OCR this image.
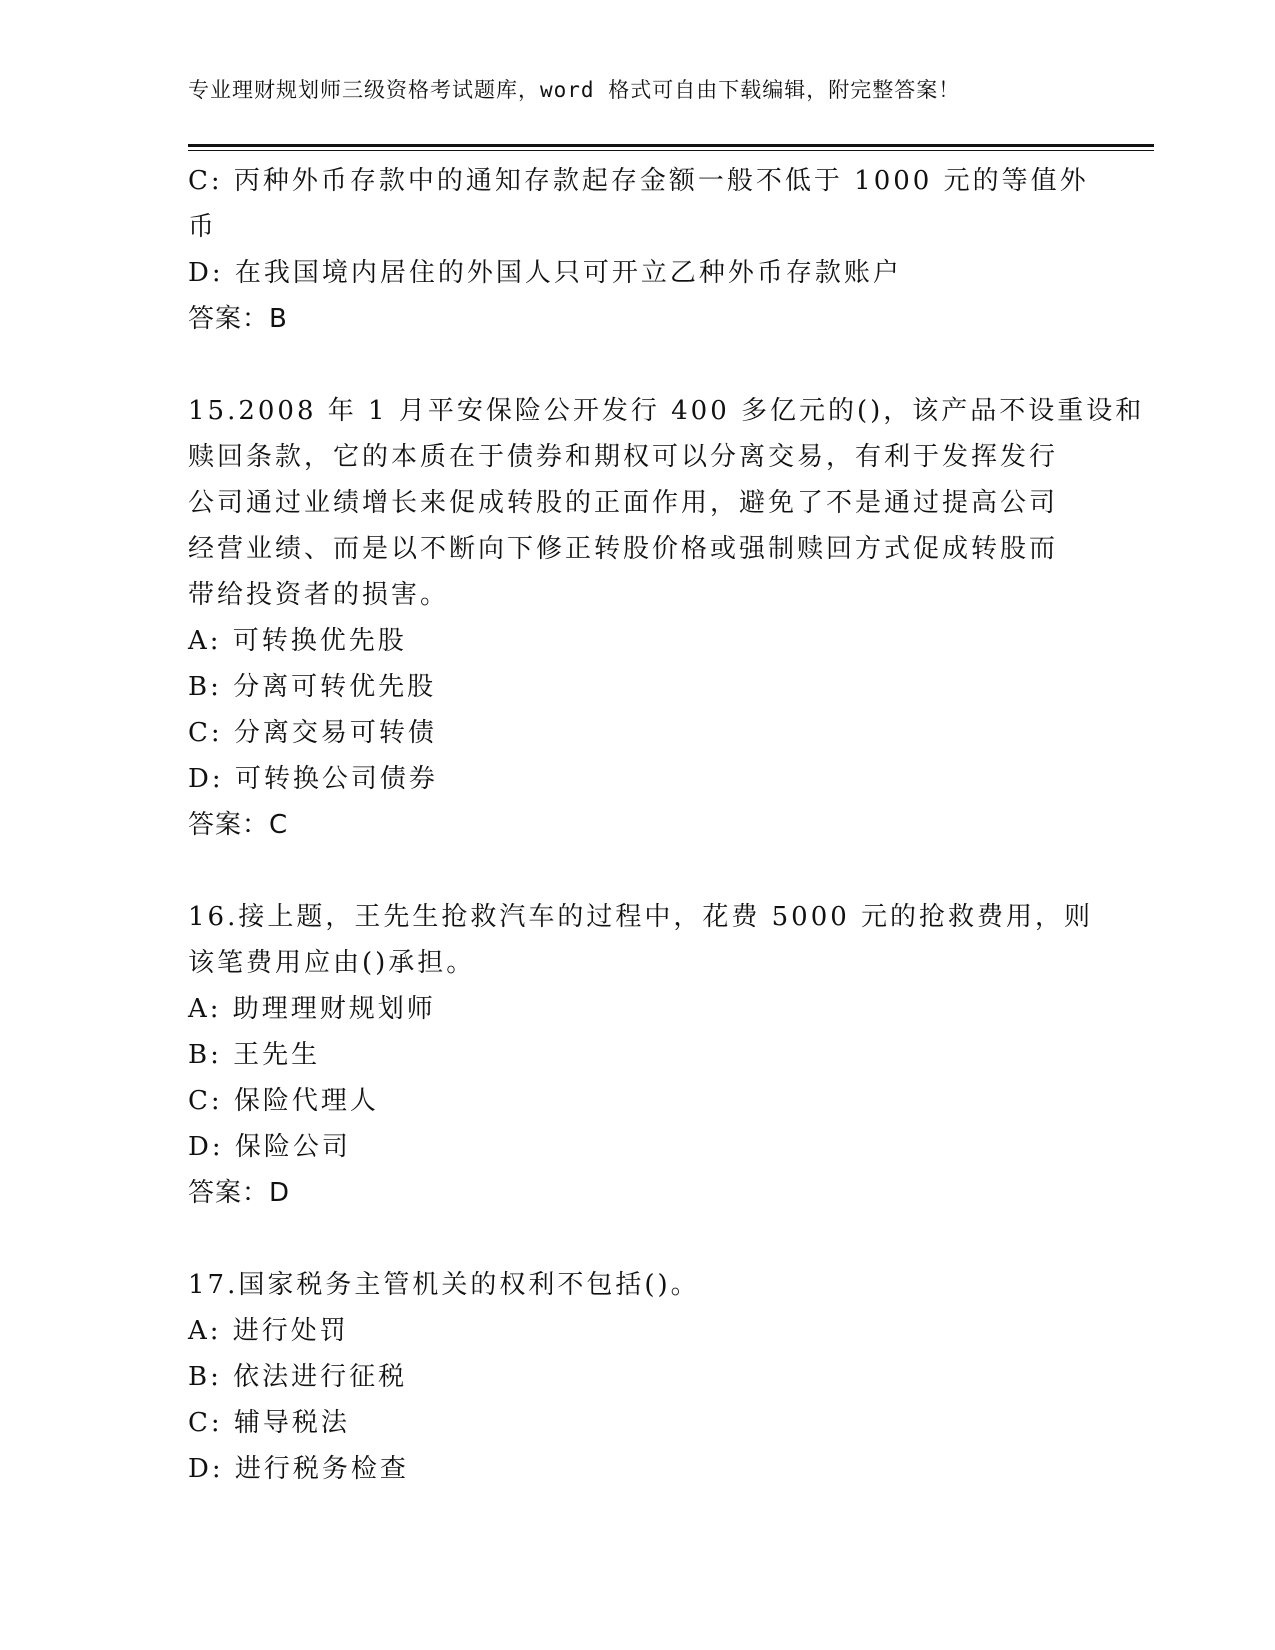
专业理财规划师三级资格考试题库，word 格式可自由下载编辑，附完整答案！
C: 丙种外币存款中的通知存款起存金额一般不低于 1000 元的等值外
币
D: 在我国境内居住的外国人只可开立乙种外币存款账户
答案：B
15.2008 年 1 月平安保险公开发行 400 多亿元的()，该产品不设重设和
赎回条款，它的本质在于债券和期权可以分离交易，有利于发挥发行
公司通过业绩增长来促成转股的正面作用，避免了不是通过提高公司
经营业绩、而是以不断向下修正转股价格或强制赎回方式促成转股而
带给投资者的损害。
A: 可转换优先股
B: 分离可转优先股
C: 分离交易可转债
D: 可转换公司债券
答案：C
16.接上题，王先生抢救汽车的过程中，花费 5000 元的抢救费用，则
该笔费用应由()承担。
A: 助理理财规划师
B: 王先生
C: 保险代理人
D: 保险公司
答案：D
17.国家税务主管机关的权利不包括()。
A: 进行处罚
B: 依法进行征税
C: 辅导税法
D: 进行税务检查
